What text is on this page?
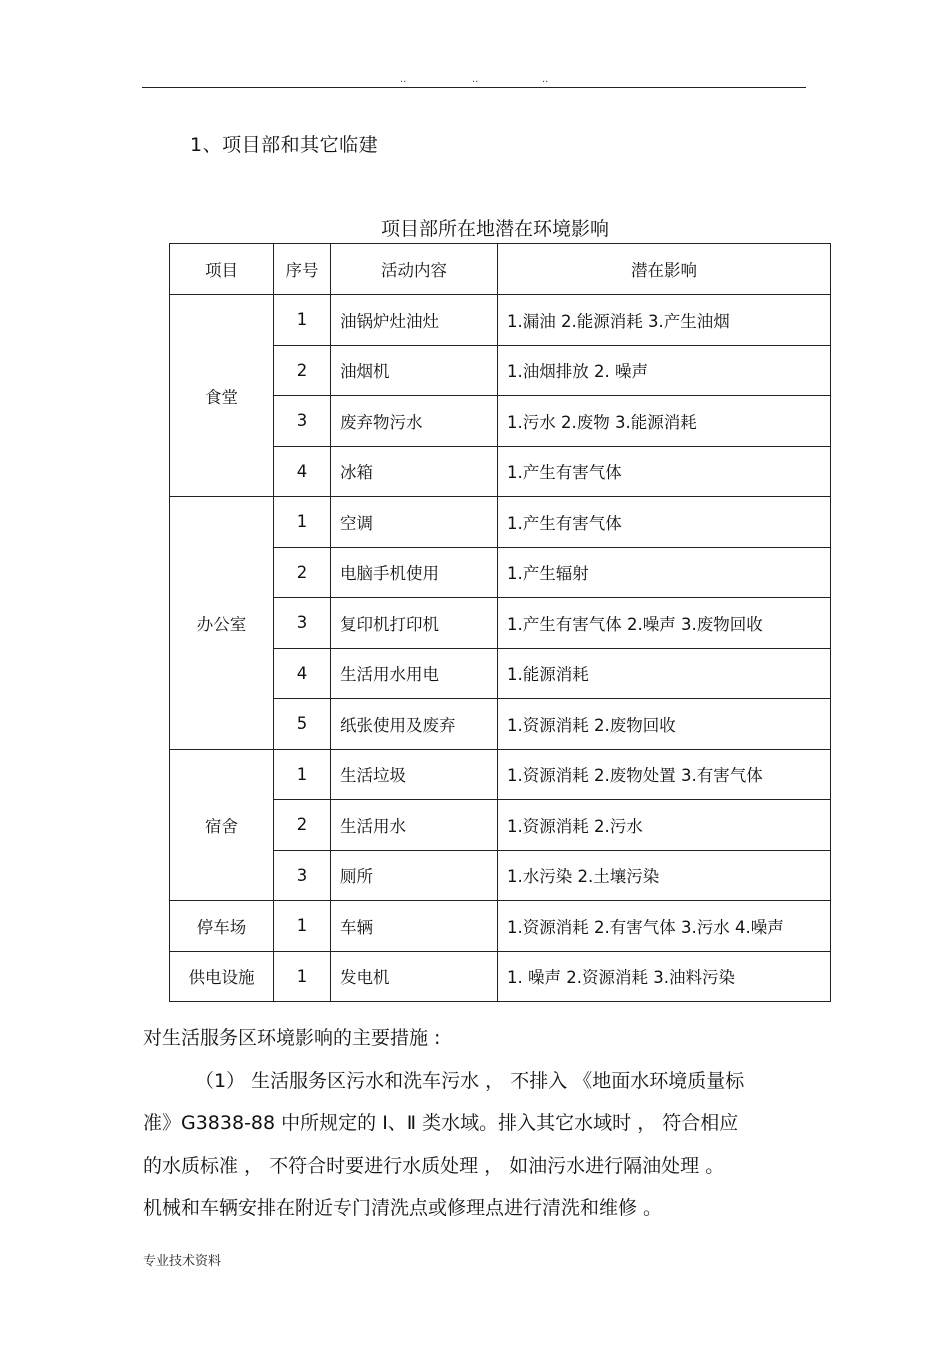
..	..	..
1、项目部和其它临建
项目部所在地潜在环境影响
项目	序号	活动内容	潜在影响
食堂	1	油锅炉灶油灶	1.漏油 2.能源消耗 3.产生油烟
	2	油烟机	1.油烟排放 2. 噪声
	3	废弃物污水	1.污水 2.废物 3.能源消耗
	4	冰箱	1.产生有害气体
办公室	1	空调	1.产生有害气体
	2	电脑手机使用	1.产生辐射
	3	复印机打印机	1.产生有害气体 2.噪声 3.废物回收
	4	生活用水用电	1.能源消耗
	5	纸张使用及废弃	1.资源消耗 2.废物回收
宿舍	1	生活垃圾	1.资源消耗 2.废物处置 3.有害气体
	2	生活用水	1.资源消耗 2.污水
	3	厕所	1.水污染 2.土壤污染
停车场	1	车辆	1.资源消耗 2.有害气体 3.污水 4.噪声
供电设施	1	发电机	1. 噪声 2.资源消耗 3.油料污染

对生活服务区环境影响的主要措施 :

（1） 生活服务区污水和洗车污水 ， 不排入 《地面水环境质量标

准》G3838-88 中所规定的 Ⅰ、Ⅱ 类水域。排入其它水域时 ， 符合相应

的水质标准 ， 不符合时要进行水质处理 ， 如油污水进行隔油处理 。

机械和车辆安排在附近专门清洗点或修理点进行清洗和维修 。

专业技术资料
